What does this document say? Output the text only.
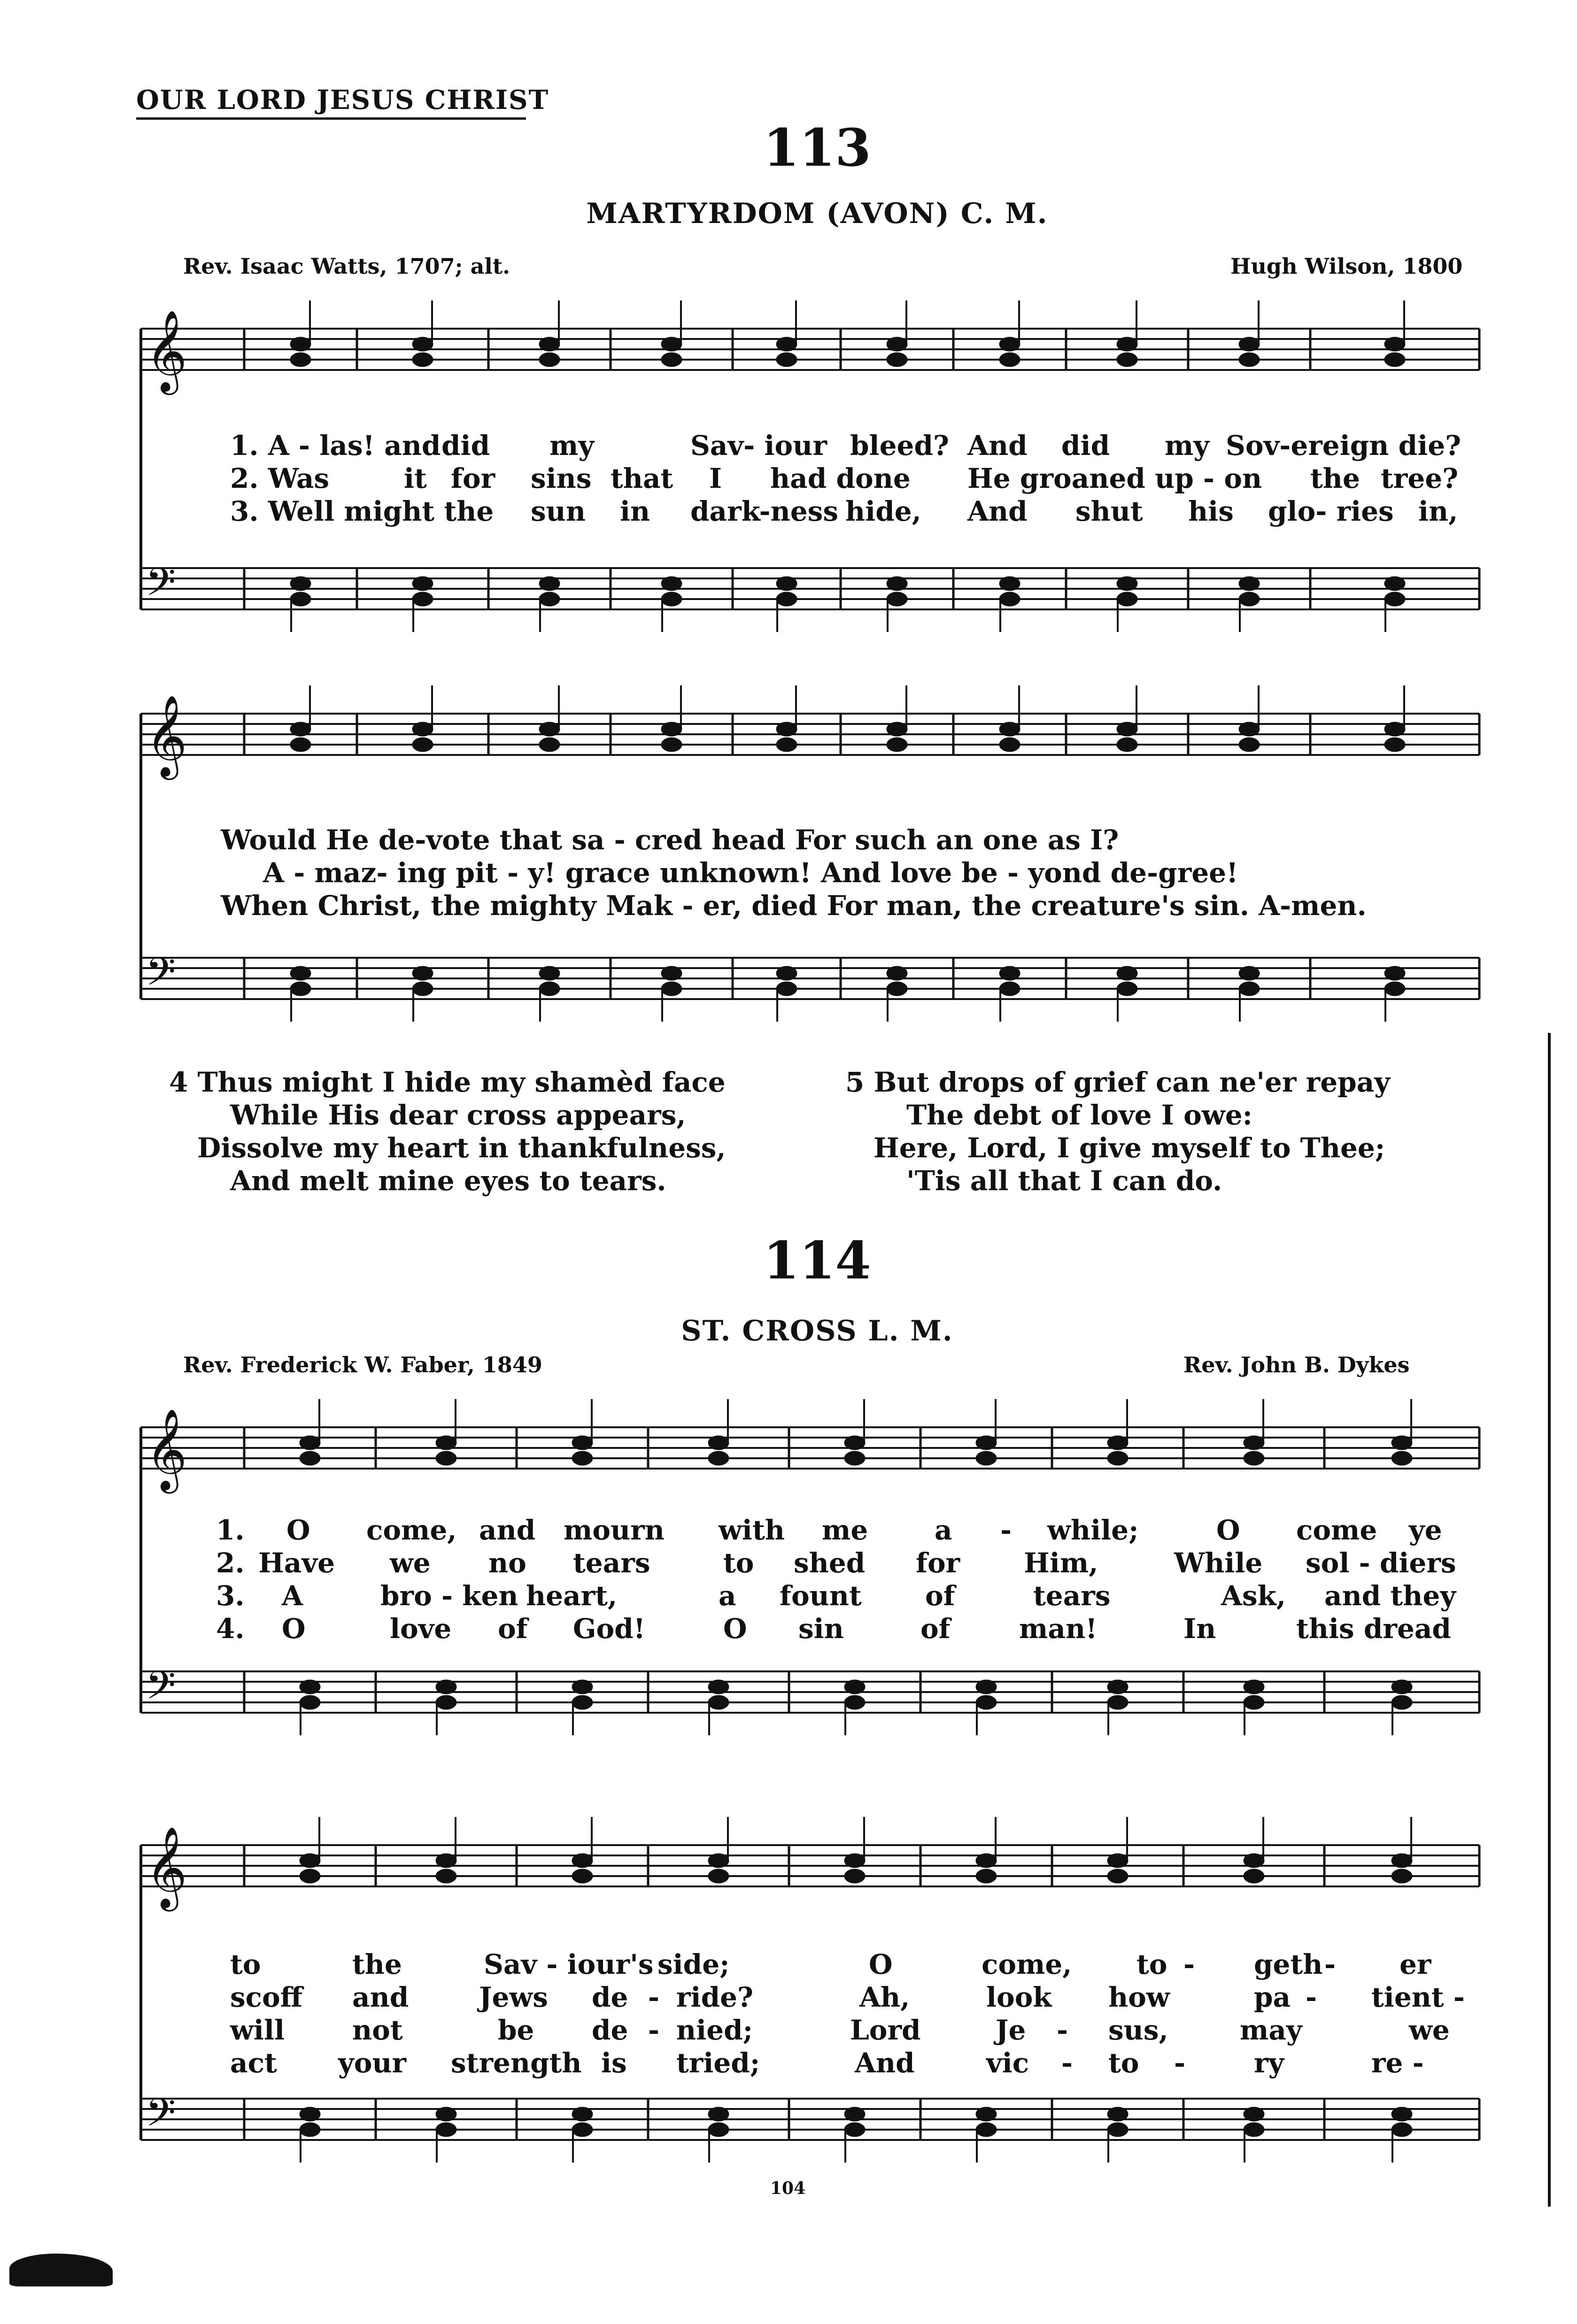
OUR LORD JESUS CHRIST
113
MARTYRDOM (AVON) C. M.
Rev. Isaac Watts, 1707; alt.	Hugh Wilson, 1800
𝄞
𝄢
𝄞
𝄢
𝄞
𝄢
𝄞
𝄢
1. A - las! and did my	Sav- iour bleed? And did my Sov-ereign die?
2. Was	it for sins that I had done He groaned up - on the tree?
3. Well might the sun in dark-ness hide, And shut his glo- ries in,
Would He de-vote that sa - cred head For such an one as I?
A - maz- ing pit - y! grace unknown! And love be - yond de-gree!
When Christ, the mighty Mak - er, died For man, the creature's sin. A-men.
4 Thus might I hide my shamèd face
While His dear cross appears,
Dissolve my heart in thankfulness,
And melt mine eyes to tears.
5 But drops of grief can ne'er repay
The debt of love I owe:
Here, Lord, I give myself to Thee;
'Tis all that I can do.
114
ST. CROSS L. M.
Rev. Frederick W. Faber, 1849	Rev. John B. Dykes
1. O come, and mourn with me a - while;	O come ye
2. Have we no tears	to shed for Him,	While sol - diers
3. A	bro - ken heart,	a fount of	tears	Ask, and they
4. O	love of God!	O sin	of	man!	In	this dread
to	the	Sav - iour's side;	O	come, to - geth - er
scoff and	Jews de - ride?	Ah,	look how	pa - tient -
will not	be de - nied;	Lord	Je - sus,	may	we
act your strength is tried;	And	vic - to -	ry	re -
104
